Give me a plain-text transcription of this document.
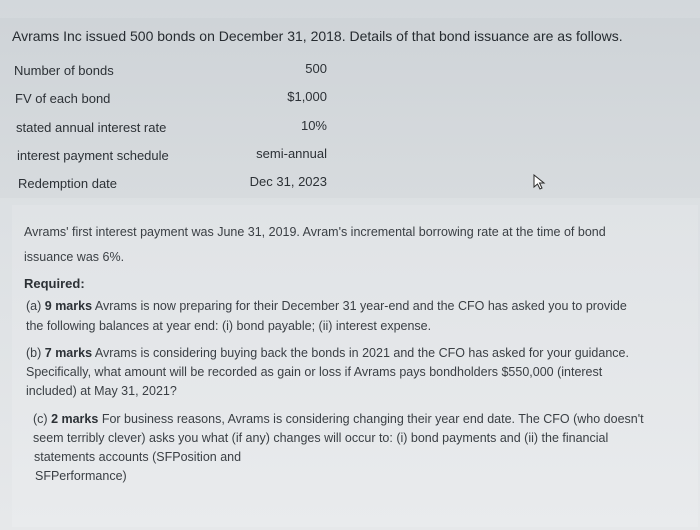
Avrams Inc issued 500 bonds on December 31, 2018. Details of that bond issuance are as follows.
Number of bonds	500
FV of each bond	$1,000
stated annual interest rate	10%
interest payment schedule	semi-annual
Redemption date	Dec 31, 2023
Avrams' first interest payment was June 31, 2019. Avram's incremental borrowing rate at the time of bond
issuance was 6%.
Required:
(a) 9 marks Avrams is now preparing for their December 31 year-end and the CFO has asked you to provide
the following balances at year end: (i) bond payable; (ii) interest expense.
(b) 7 marks Avrams is considering buying back the bonds in 2021 and the CFO has asked for your guidance.
Specifically, what amount will be recorded as gain or loss if Avrams pays bondholders $550,000 (interest
included) at May 31, 2021?
(c) 2 marks For business reasons, Avrams is considering changing their year end date. The CFO (who doesn't
seem terribly clever) asks you what (if any) changes will occur to: (i) bond payments and (ii) the financial
statements accounts (SFPosition and
SFPerformance)
